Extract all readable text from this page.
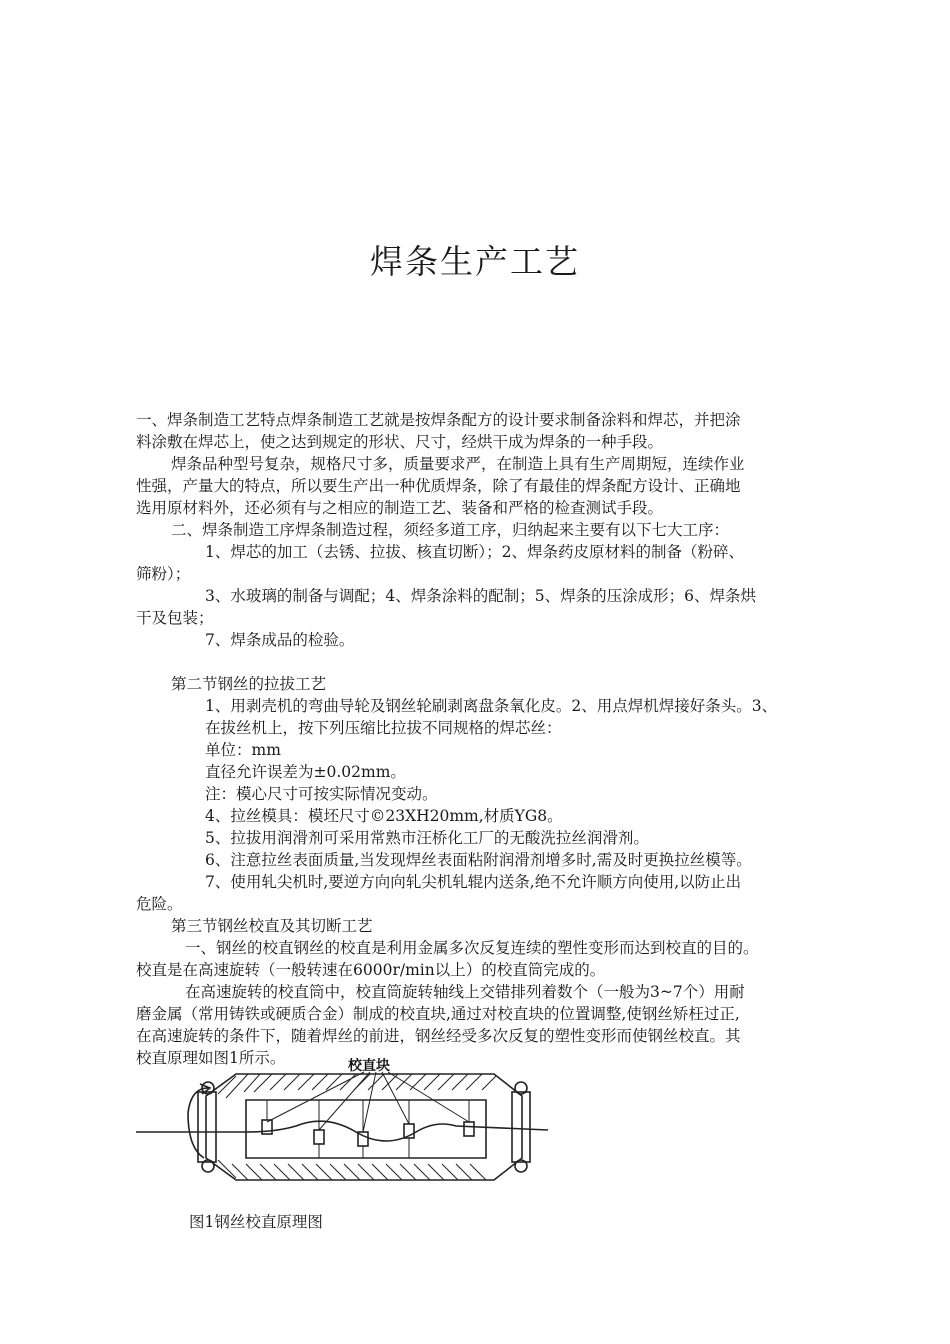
焊条生产工艺
一、焊条制造工艺特点焊条制造工艺就是按焊条配方的设计要求制备涂料和焊芯，并把涂
料涂敷在焊芯上，使之达到规定的形状、尺寸，经烘干成为焊条的一种手段。
焊条品种型号复杂，规格尺寸多，质量要求严，在制造上具有生产周期短，连续作业
性强，产量大的特点，所以要生产出一种优质焊条，除了有最佳的焊条配方设计、正确地
选用原材料外，还必须有与之相应的制造工艺、装备和严格的检查测试手段。
二、焊条制造工序焊条制造过程，须经多道工序，归纳起来主要有以下七大工序：
1、焊芯的加工（去锈、拉拔、核直切断）；2、焊条药皮原材料的制备（粉碎、
筛粉）；
3、水玻璃的制备与调配；4、焊条涂料的配制；5、焊条的压涂成形；6、焊条烘
干及包装；
7、焊条成品的检验。
第二节钢丝的拉拔工艺
1、用剥壳机的弯曲导轮及钢丝轮刷剥离盘条氧化皮。2、用点焊机焊接好条头。3、
在拔丝机上，按下列压缩比拉拔不同规格的焊芯丝：
单位：mm
直径允许误差为±0.02mm。
注：模心尺寸可按实际情况变动。
4、拉丝模具：模坯尺寸©23XH20mm,材质YG8。
5、拉拔用润滑剂可采用常熟市汪桥化工厂的无酸洗拉丝润滑剂。
6、注意拉丝表面质量,当发现焊丝表面粘附润滑剂增多时,需及时更换拉丝模等。
7、使用轧尖机时,要逆方向向轧尖机轧辊内送条,绝不允许顺方向使用,以防止出
危险。
第三节钢丝校直及其切断工艺
一、钢丝的校直钢丝的校直是利用金属多次反复连续的塑性变形而达到校直的目的。
校直是在高速旋转（一般转速在6000r/min以上）的校直筒完成的。
在高速旋转的校直筒中，校直筒旋转轴线上交错排列着数个（一般为3~7个）用耐
磨金属（常用铸铁或硬质合金）制成的校直块,通过对校直块的位置调整,使钢丝矫枉过正,
在高速旋转的条件下，随着焊丝的前进，钢丝经受多次反复的塑性变形而使钢丝校直。其
校直原理如图1所示。	校直块
图1钢丝校直原理图
